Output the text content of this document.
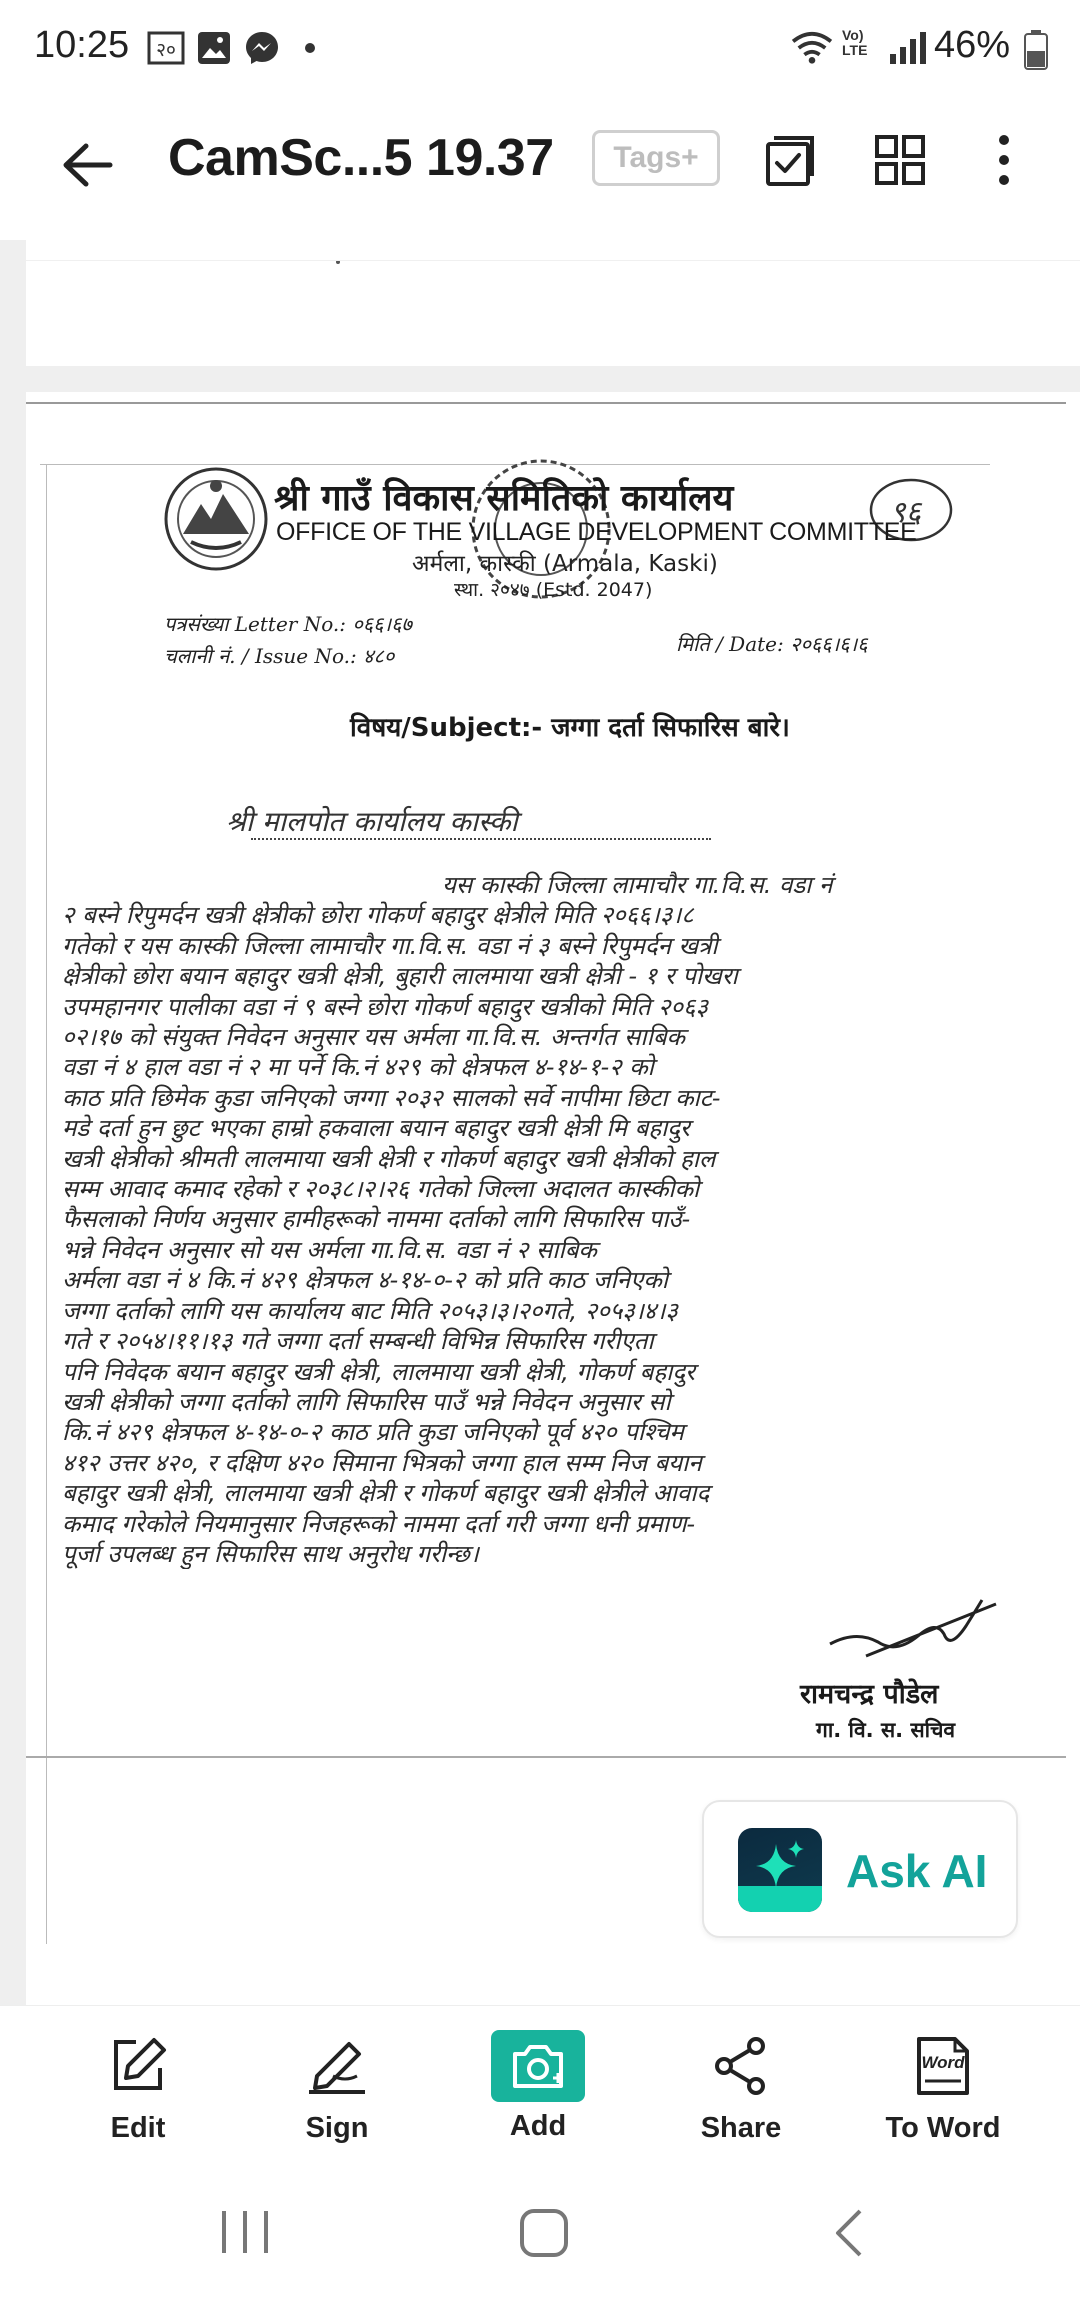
10:25 २०
Vo) LTE 46%
CamSc...5 19.37	Tags+
९६
श्री गाउँ विकास समितिको कार्यालय
OFFICE OF THE VILLAGE DEVELOPMENT COMMITTEE
अर्मला, कास्की (Armala, Kaski)
स्था. २०४७ (Estd. 2047)
पत्रसंख्या Letter No.: ०६६।६७
चलानी नं. / Issue No.: ४८०	मिति / Date: २०६६।६।६
विषय/Subject:- जग्गा दर्ता सिफारिस बारे।
श्री मालपोत कार्यालय कास्की
यस कास्की जिल्ला लामाचौर गा.वि.स. वडा नं
२ बस्ने रिपुमर्दन खत्री क्षेत्रीको छोरा गोकर्ण बहादुर क्षेत्रीले मिति २०६६।३।८
गतेको र यस कास्की जिल्ला लामाचौर गा.वि.स. वडा नं ३ बस्ने रिपुमर्दन खत्री
क्षेत्रीको छोरा बयान बहादुर खत्री क्षेत्री, बुहारी लालमाया खत्री क्षेत्री - १ र पोखरा
उपमहानगर पालीका वडा नं ९ बस्ने छोरा गोकर्ण बहादुर खत्रीको मिति २०६३
०२।१७ को संयुक्त निवेदन अनुसार यस अर्मला गा.वि.स. अन्तर्गत साबिक
वडा नं ४ हाल वडा नं २ मा पर्ने कि.नं ४२९ को क्षेत्रफल ४-१४-१-२ को
काठ प्रति छिमेक कुडा जनिएको जग्गा २०३२ सालको सर्वे नापीमा छिटा काट-
मडे दर्ता हुन छुट भएका हाम्रो हकवाला बयान बहादुर खत्री क्षेत्री मि बहादुर
खत्री क्षेत्रीको श्रीमती लालमाया खत्री क्षेत्री र गोकर्ण बहादुर खत्री क्षेत्रीको हाल
सम्म आवाद कमाद रहेको र २०३८।२।२६ गतेको जिल्ला अदालत कास्कीको
फैसलाको निर्णय अनुसार हामीहरूको नाममा दर्ताको लागि सिफारिस पाउँ-
भन्ने निवेदन अनुसार सो यस अर्मला गा.वि.स. वडा नं २ साबिक
अर्मला वडा नं ४ कि.नं ४२९ क्षेत्रफल ४-१४-०-२ को प्रति काठ जनिएको
जग्गा दर्ताको लागि यस कार्यालय बाट मिति २०५३।३।२०गते, २०५३।४।३
गते र २०५४।११।१३ गते जग्गा दर्ता सम्बन्धी विभिन्न सिफारिस गरीएता
पनि निवेदक बयान बहादुर खत्री क्षेत्री, लालमाया खत्री क्षेत्री, गोकर्ण बहादुर
खत्री क्षेत्रीको जग्गा दर्ताको लागि सिफारिस पाउँ भन्ने निवेदन अनुसार सो
कि.नं ४२९ क्षेत्रफल ४-१४-०-२ काठ प्रति कुडा जनिएको पूर्व ४२० पश्चिम
४१२ उत्तर ४२०, र दक्षिण ४२० सिमाना भित्रको जग्गा हाल सम्म निज बयान
बहादुर खत्री क्षेत्री, लालमाया खत्री क्षेत्री र गोकर्ण बहादुर खत्री क्षेत्रीले आवाद
कमाद गरेकोले नियमानुसार निजहरूको नाममा दर्ता गरी जग्गा धनी प्रमाण-
पूर्जा उपलब्ध हुन सिफारिस साथ अनुरोध गरीन्छ।
रामचन्द्र पौडेल
गा. वि. स. सचिव
Ask AI
Edit	Sign	Add	Share
Word
To Word
